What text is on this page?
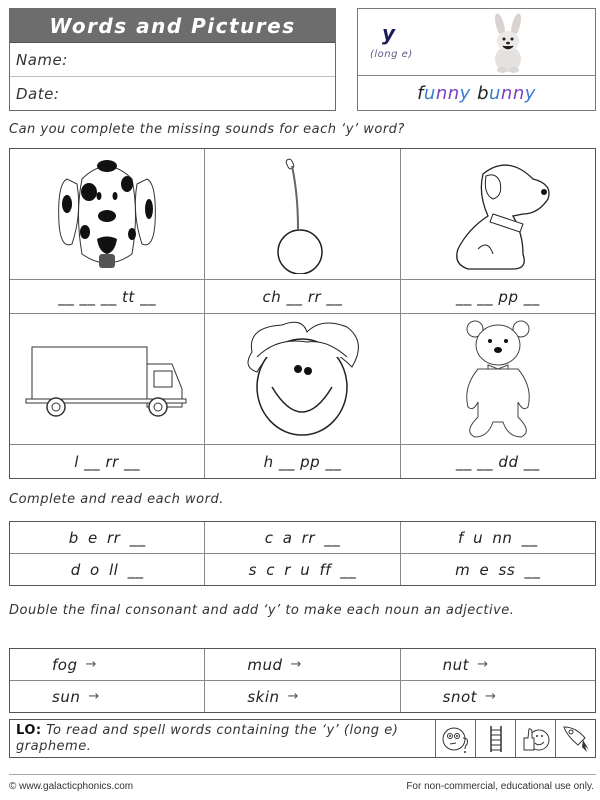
Words and Pictures
Name:
Date:
y
(long e)
f u nn y
b u nn y
Can you complete the missing sounds for each ‘y’ word?
__ __ __ tt __	ch __ rr __	__ __ pp __
l __ rr __	h __ pp __	__ __ dd __
Complete and read each word.
b e rr __	c a rr __	f u nn __
d o ll __	s c r u ff __	m e ss __
Double the final consonant and add ‘y’ to make each noun an adjective.
fog →	mud →	nut →
sun →	skin →	snot →
LO: To read and spell words containing the ‘y’ (long e) grapheme.
© www.galacticphonics.com	For non-commercial, educational use only.
